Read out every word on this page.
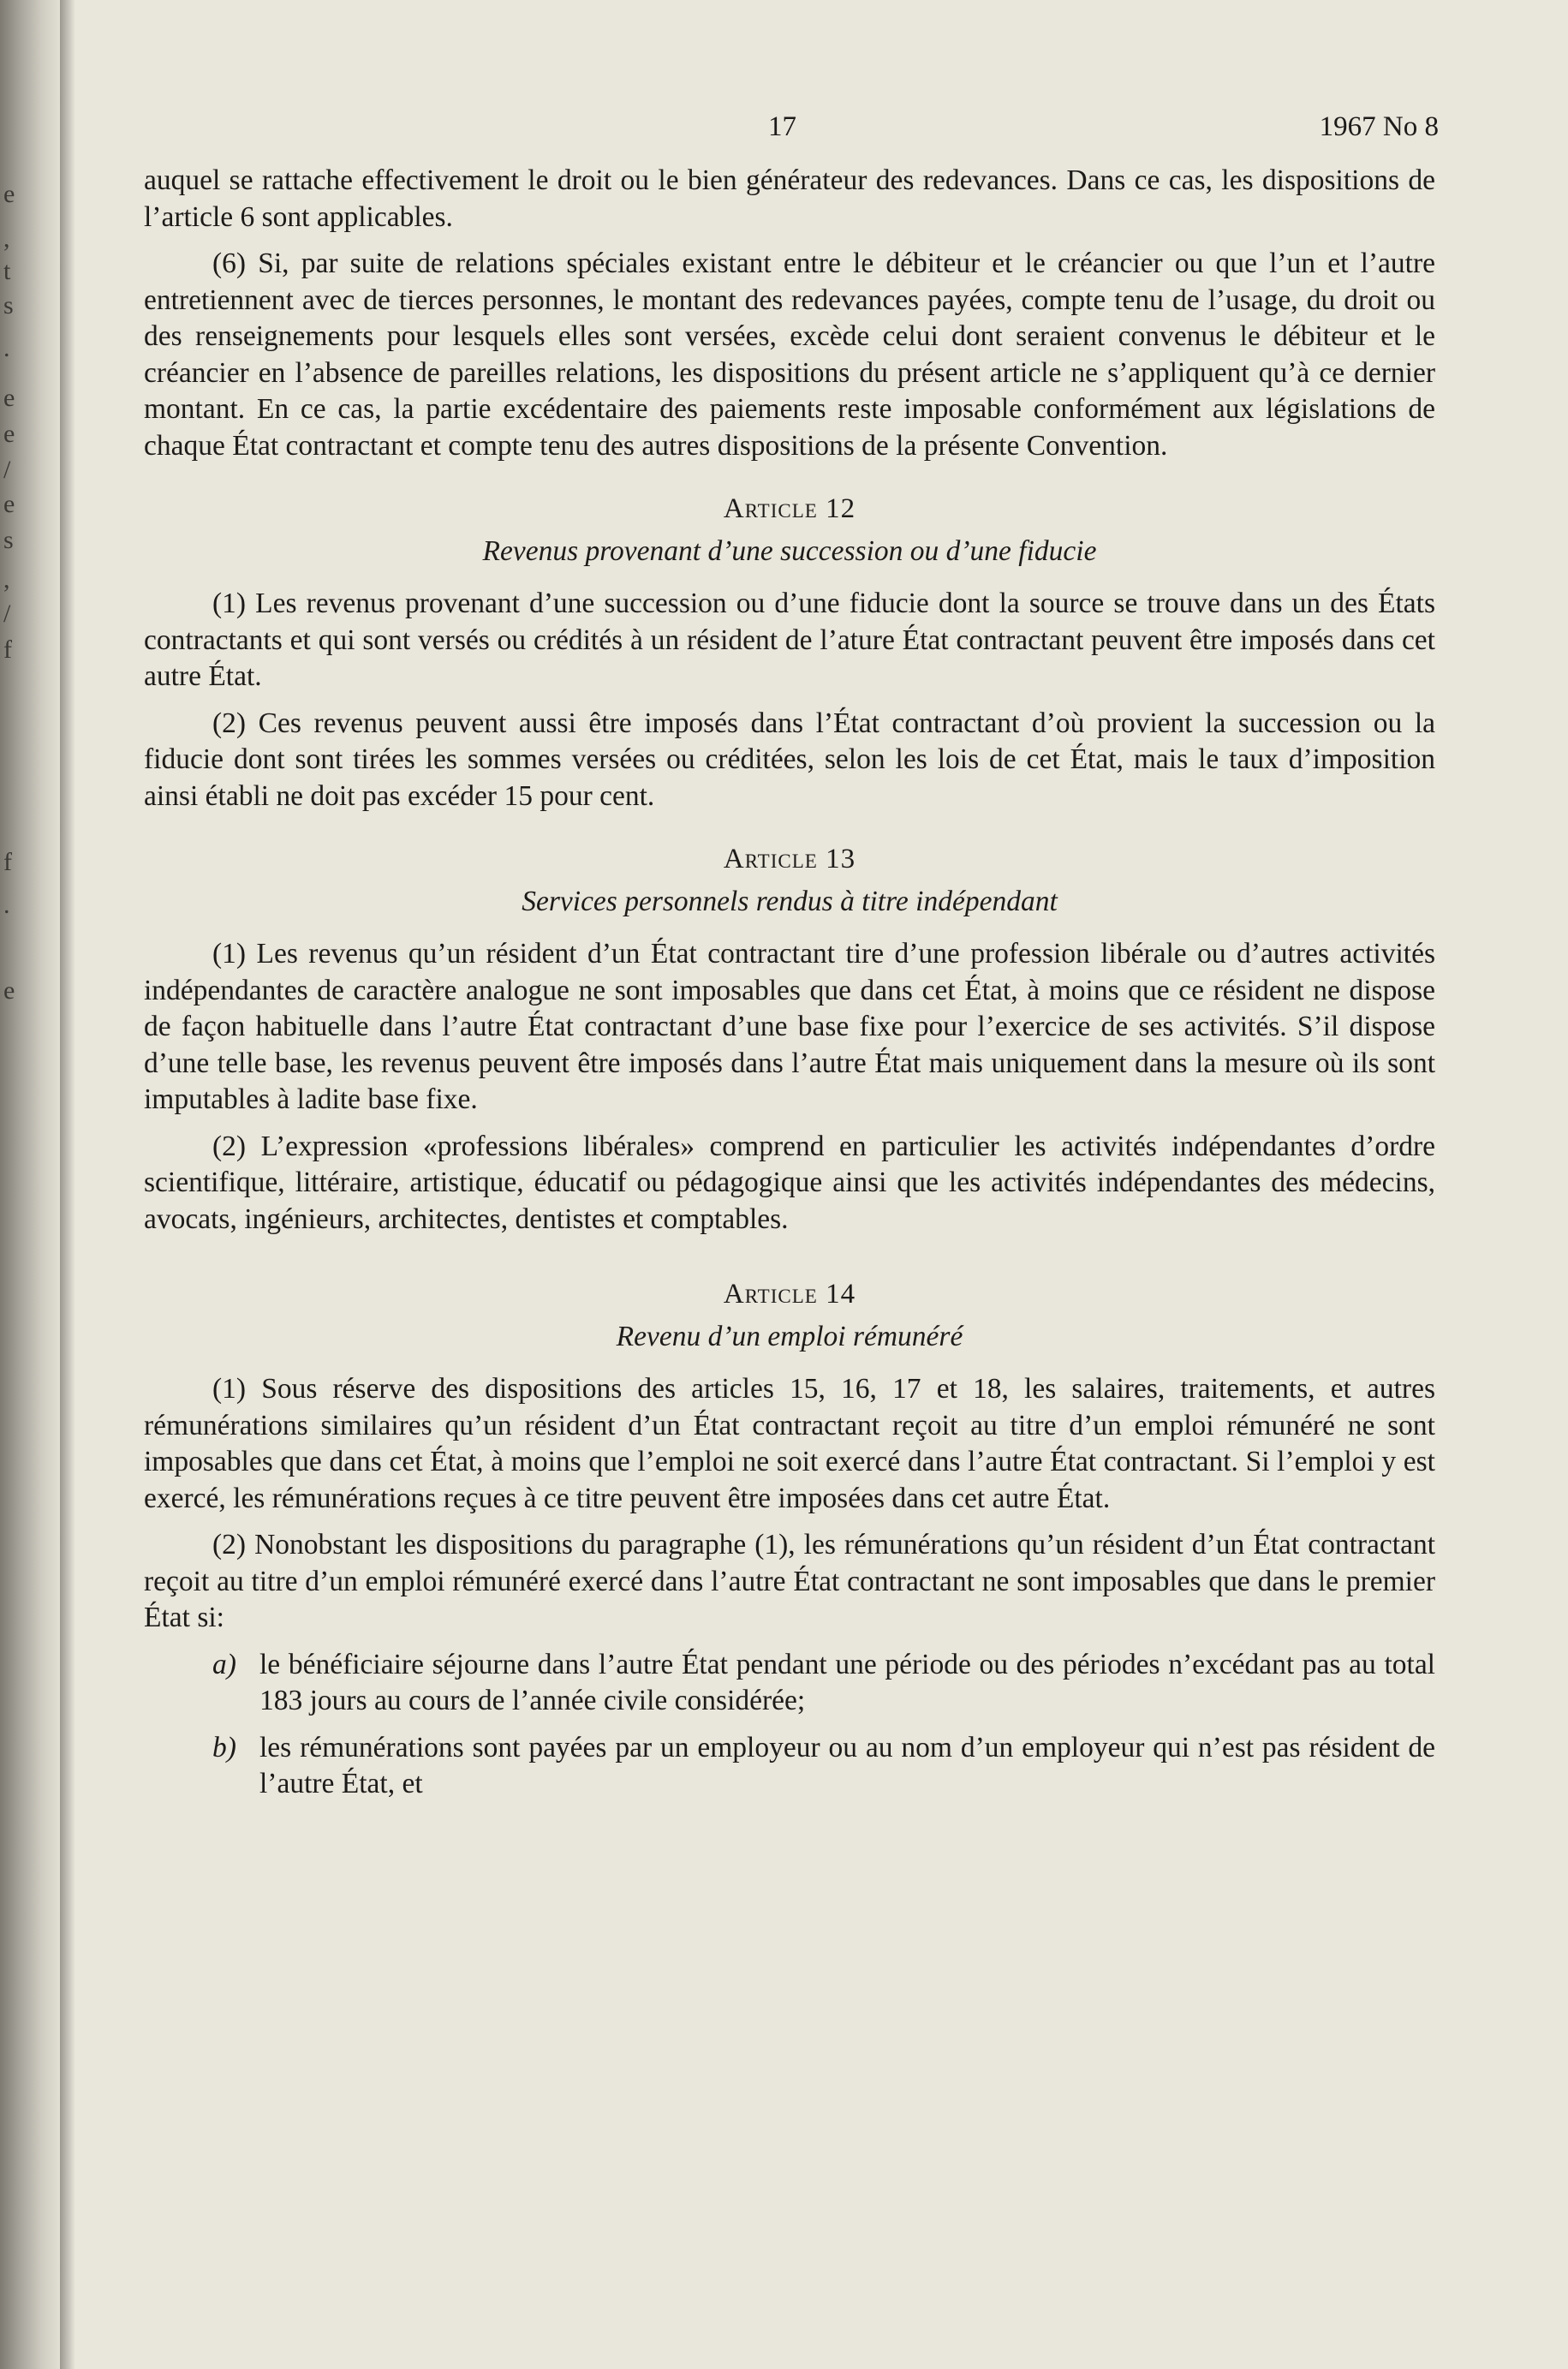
e
,
t
s
.
e
e
/
e
s
,
/
f
f
.
e
17	1967 No 8

auquel se rattache effectivement le droit ou le bien générateur des redevances. Dans ce cas, les dispositions de l’article 6 sont applicables.

(6) Si, par suite de relations spéciales existant entre le débiteur et le créancier ou que l’un et l’autre entretiennent avec de tierces personnes, le montant des redevances payées, compte tenu de l’usage, du droit ou des renseignements pour lesquels elles sont versées, excède celui dont seraient convenus le débiteur et le créancier en l’absence de pareilles relations, les dispositions du présent article ne s’appliquent qu’à ce dernier montant. En ce cas, la partie excédentaire des paiements reste imposable conformément aux législations de chaque État contractant et compte tenu des autres dispositions de la présente Convention.

Article 12
Revenus provenant d’une succession ou d’une fiducie

(1) Les revenus provenant d’une succession ou d’une fiducie dont la source se trouve dans un des États contractants et qui sont versés ou crédités à un résident de l’ature État contractant peuvent être imposés dans cet autre État.

(2) Ces revenus peuvent aussi être imposés dans l’État contractant d’où provient la succession ou la fiducie dont sont tirées les sommes versées ou créditées, selon les lois de cet État, mais le taux d’imposition ainsi établi ne doit pas excéder 15 pour cent.

Article 13
Services personnels rendus à titre indépendant

(1) Les revenus qu’un résident d’un État contractant tire d’une profession libérale ou d’autres activités indépendantes de caractère analogue ne sont imposables que dans cet État, à moins que ce résident ne dispose de façon habituelle dans l’autre État contractant d’une base fixe pour l’exercice de ses activités. S’il dispose d’une telle base, les revenus peuvent être imposés dans l’autre État mais uniquement dans la mesure où ils sont imputables à ladite base fixe.

(2) L’expression «professions libérales» comprend en particulier les activités indépendantes d’ordre scientifique, littéraire, artistique, éducatif ou pédagogique ainsi que les activités indépendantes des médecins, avocats, ingénieurs, architectes, dentistes et comptables.

Article 14
Revenu d’un emploi rémunéré

(1) Sous réserve des dispositions des articles 15, 16, 17 et 18, les salaires, traitements, et autres rémunérations similaires qu’un résident d’un État contractant reçoit au titre d’un emploi rémunéré ne sont imposables que dans cet État, à moins que l’emploi ne soit exercé dans l’autre État contractant. Si l’emploi y est exercé, les rémunérations reçues à ce titre peuvent être imposées dans cet autre État.

(2) Nonobstant les dispositions du paragraphe (1), les rémunérations qu’un résident d’un État contractant reçoit au titre d’un emploi rémunéré exercé dans l’autre État contractant ne sont imposables que dans le premier État si:

a) le bénéficiaire séjourne dans l’autre État pendant une période ou des périodes n’excédant pas au total 183 jours au cours de l’année civile considérée;

b) les rémunérations sont payées par un employeur ou au nom d’un employeur qui n’est pas résident de l’autre État, et
